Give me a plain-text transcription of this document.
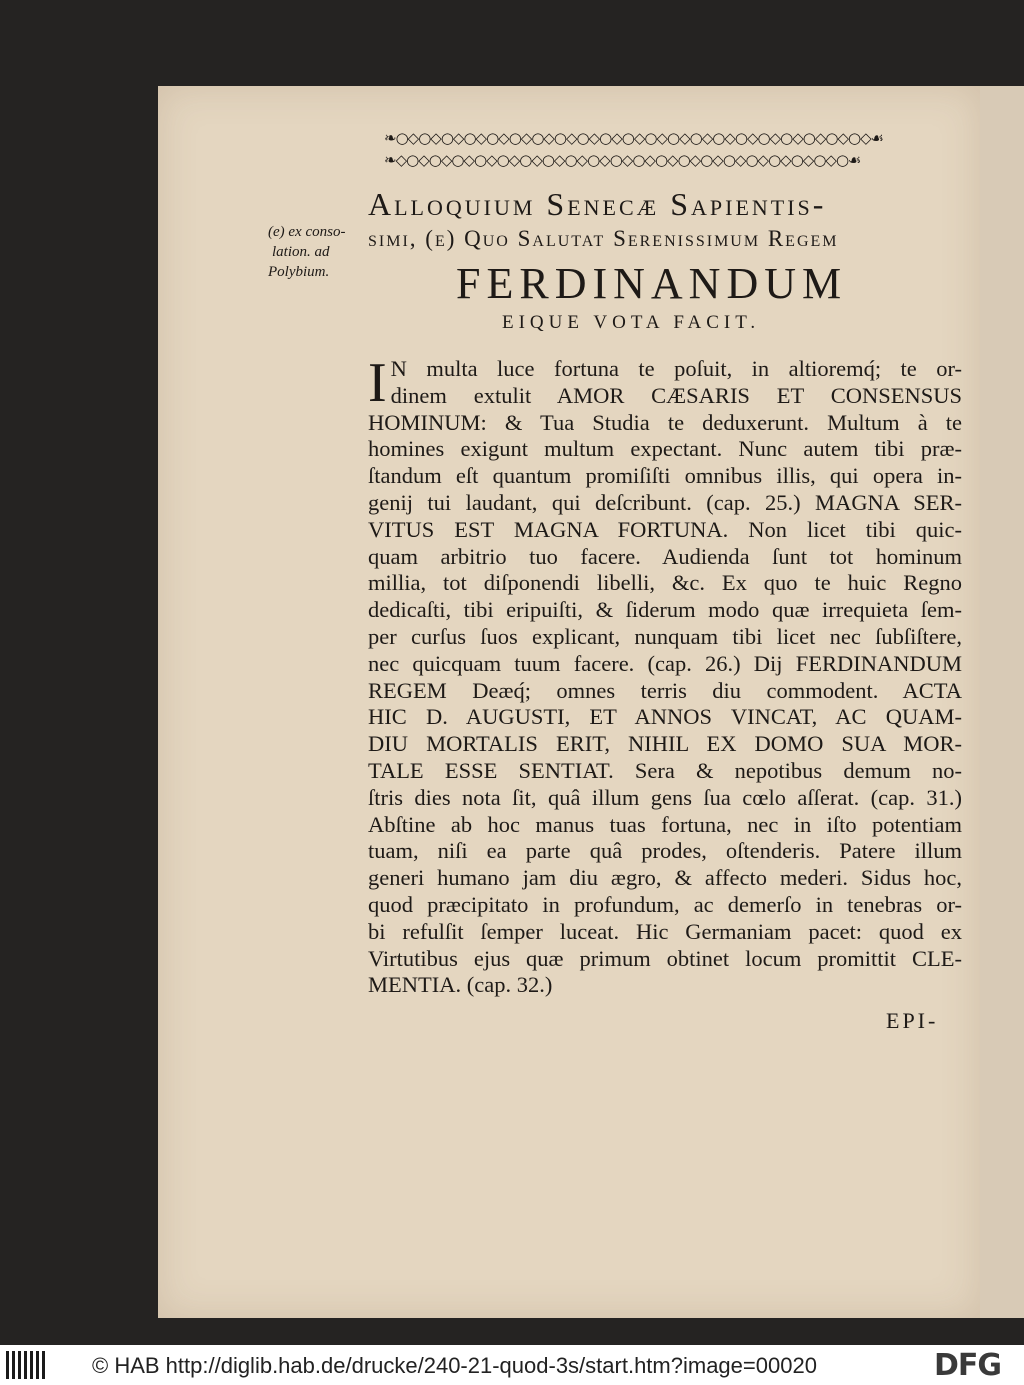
❧○◇○◇○◇○◇○◇○◇○◇○◇○◇○◇○◇○◇○◇○◇○◇○◇○◇○◇○◇○◇○◇☙
❧◇○◇○◇○◇○◇○◇○◇○◇○◇○◇○◇○◇○◇○◇○◇○◇○◇○◇○◇○◇○☙
(e) ex conso-
lation. ad
Polybium.
Alloquium Senecæ Sapientis-
simi, (e) Quo Salutat Serenissimum Regem
FERDINANDUM
EIQUE VOTA FACIT.
I N multa luce fortuna te poſuit, in altioremq́; te or-
dinem extulit AMOR CÆSARIS ET CONSENSUS
HOMINUM: & Tua Studia te deduxerunt. Multum à te
homines exigunt multum expectant. Nunc autem tibi præ-
ſtandum eſt quantum promiſiſti omnibus illis, qui opera in-
genij tui laudant, qui deſcribunt. (cap. 25.) MAGNA SER-
VITUS EST MAGNA FORTUNA. Non licet tibi quic-
quam arbitrio tuo facere. Audienda ſunt tot hominum
millia, tot diſponendi libelli, &c. Ex quo te huic Regno
dedicaſti, tibi eripuiſti, & ſiderum modo quæ irrequieta ſem-
per curſus ſuos explicant, nunquam tibi licet nec ſubſiſtere,
nec quicquam tuum facere. (cap. 26.) Dij FERDINANDUM
REGEM Deæq́; omnes terris diu commodent. ACTA
HIC D. AUGUSTI, ET ANNOS VINCAT, AC QUAM-
DIU MORTALIS ERIT, NIHIL EX DOMO SUA MOR-
TALE ESSE SENTIAT. Sera & nepotibus demum no-
ſtris dies nota ſit, quâ illum gens ſua cœlo aſſerat. (cap. 31.)
Abſtine ab hoc manus tuas fortuna, nec in iſto potentiam
tuam, niſi ea parte quâ prodes, oſtenderis. Patere illum
generi humano jam diu ægro, & affecto mederi. Sidus hoc,
quod præcipitato in profundum, ac demerſo in tenebras or-
bi refulſit ſemper luceat. Hic Germaniam pacet: quod ex
Virtutibus ejus quæ primum obtinet locum promittit CLE-
MENTIA. (cap. 32.)
EPI-
© HAB http://diglib.hab.de/drucke/240-21-quod-3s/start.htm?image=00020	DFG
